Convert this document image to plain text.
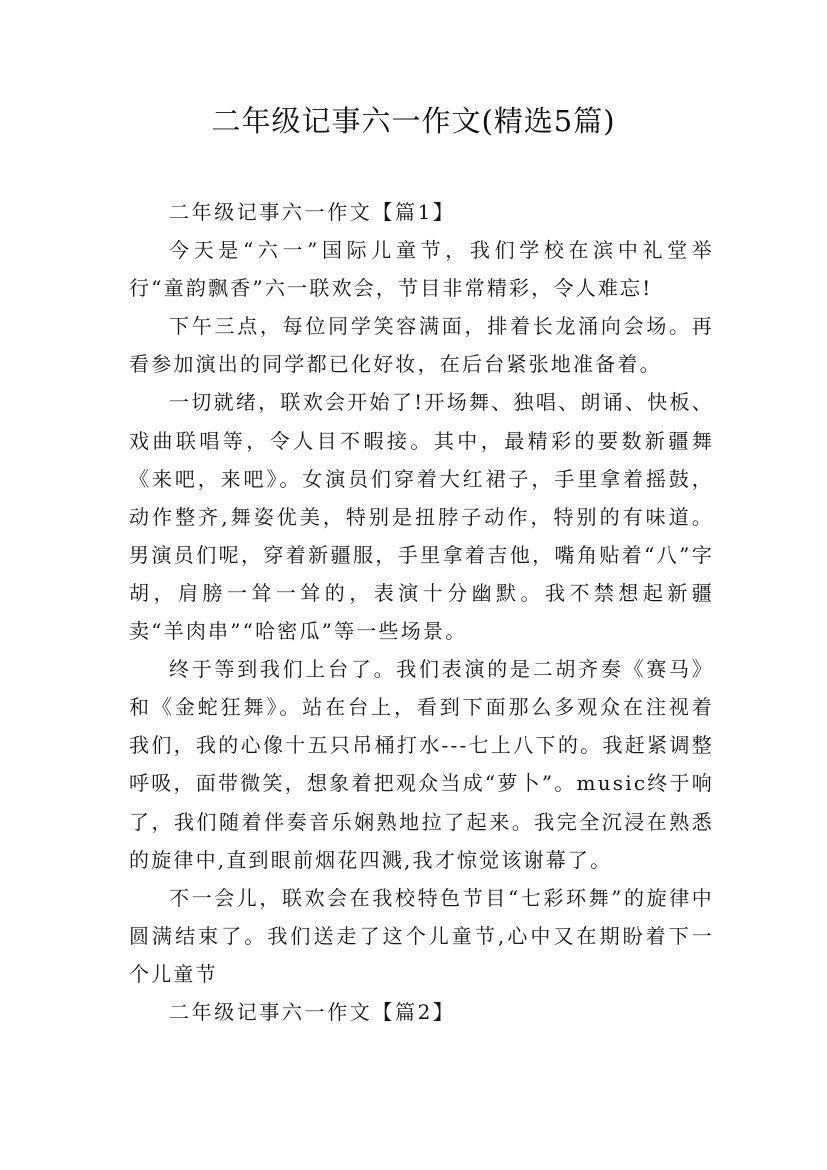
二年级记事六一作文(精选5篇)

二年级记事六一作文【篇1】

今天是“六一”国际儿童节，我们学校在滨中礼堂举行“童韵飘香”六一联欢会，节目非常精彩，令人难忘!

下午三点，每位同学笑容满面，排着长龙涌向会场。再看参加演出的同学都已化好妆，在后台紧张地准备着。

一切就绪，联欢会开始了!开场舞、独唱、朗诵、快板、戏曲联唱等，令人目不暇接。其中，最精彩的要数新疆舞《来吧，来吧》。女演员们穿着大红裙子，手里拿着摇鼓，动作整齐,舞姿优美，特别是扭脖子动作，特别的有味道。男演员们呢，穿着新疆服，手里拿着吉他，嘴角贴着“八”字胡，肩膀一耸一耸的，表演十分幽默。我不禁想起新疆卖“羊肉串”“哈密瓜”等一些场景。

终于等到我们上台了。我们表演的是二胡齐奏《赛马》和《金蛇狂舞》。站在台上，看到下面那么多观众在注视着我们，我的心像十五只吊桶打水---七上八下的。我赶紧调整呼吸，面带微笑，想象着把观众当成“萝卜”。music终于响了，我们随着伴奏音乐娴熟地拉了起来。我完全沉浸在熟悉的旋律中,直到眼前烟花四溅,我才惊觉该谢幕了。

不一会儿，联欢会在我校特色节目“七彩环舞”的旋律中圆满结束了。我们送走了这个儿童节,心中又在期盼着下一个儿童节

二年级记事六一作文【篇2】
